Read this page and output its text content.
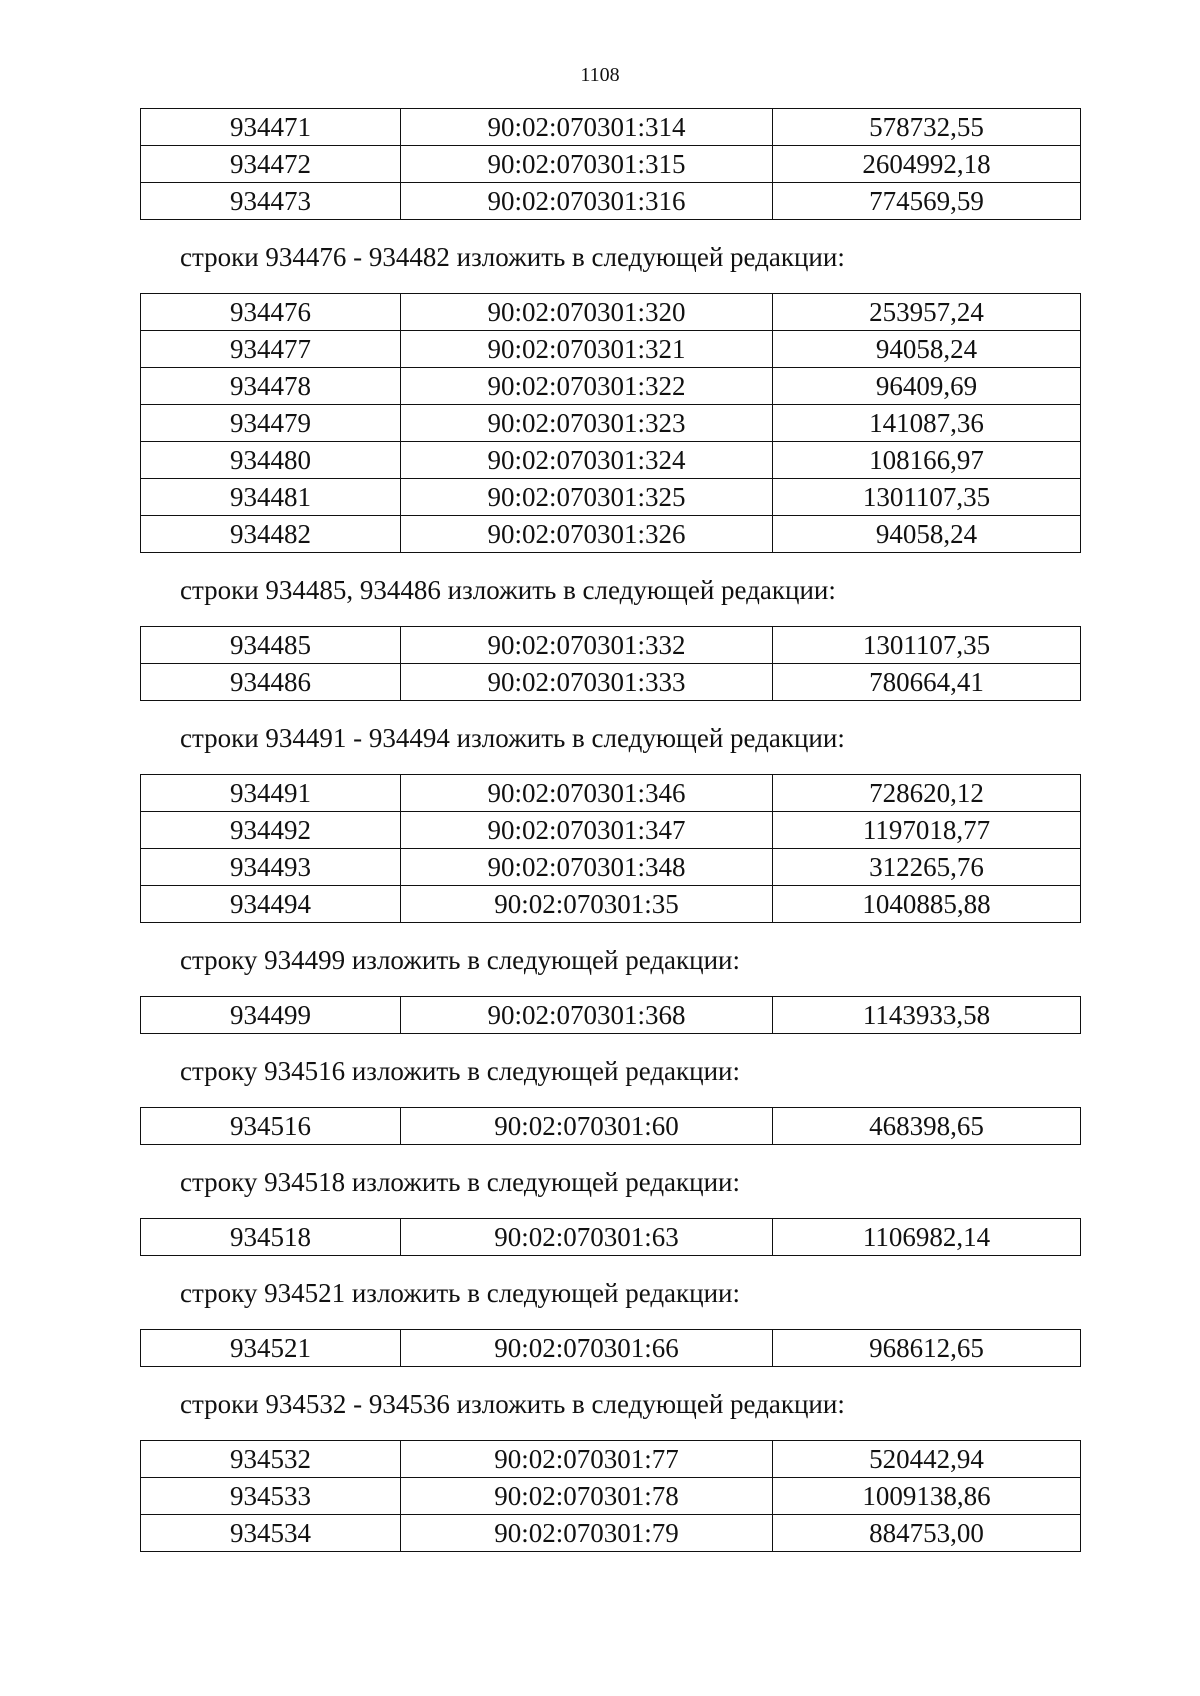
1108
934471	90:02:070301:314	578732,55
934472	90:02:070301:315	2604992,18
934473	90:02:070301:316	774569,59
строки 934476 - 934482 изложить в следующей редакции:
934476	90:02:070301:320	253957,24
934477	90:02:070301:321	94058,24
934478	90:02:070301:322	96409,69
934479	90:02:070301:323	141087,36
934480	90:02:070301:324	108166,97
934481	90:02:070301:325	1301107,35
934482	90:02:070301:326	94058,24
строки 934485, 934486 изложить в следующей редакции:
934485	90:02:070301:332	1301107,35
934486	90:02:070301:333	780664,41
строки 934491 - 934494 изложить в следующей редакции:
934491	90:02:070301:346	728620,12
934492	90:02:070301:347	1197018,77
934493	90:02:070301:348	312265,76
934494	90:02:070301:35	1040885,88
строку 934499 изложить в следующей редакции:
934499	90:02:070301:368	1143933,58
строку 934516 изложить в следующей редакции:
934516	90:02:070301:60	468398,65
строку 934518 изложить в следующей редакции:
934518	90:02:070301:63	1106982,14
строку 934521 изложить в следующей редакции:
934521	90:02:070301:66	968612,65
строки 934532 - 934536 изложить в следующей редакции:
934532	90:02:070301:77	520442,94
934533	90:02:070301:78	1009138,86
934534	90:02:070301:79	884753,00
